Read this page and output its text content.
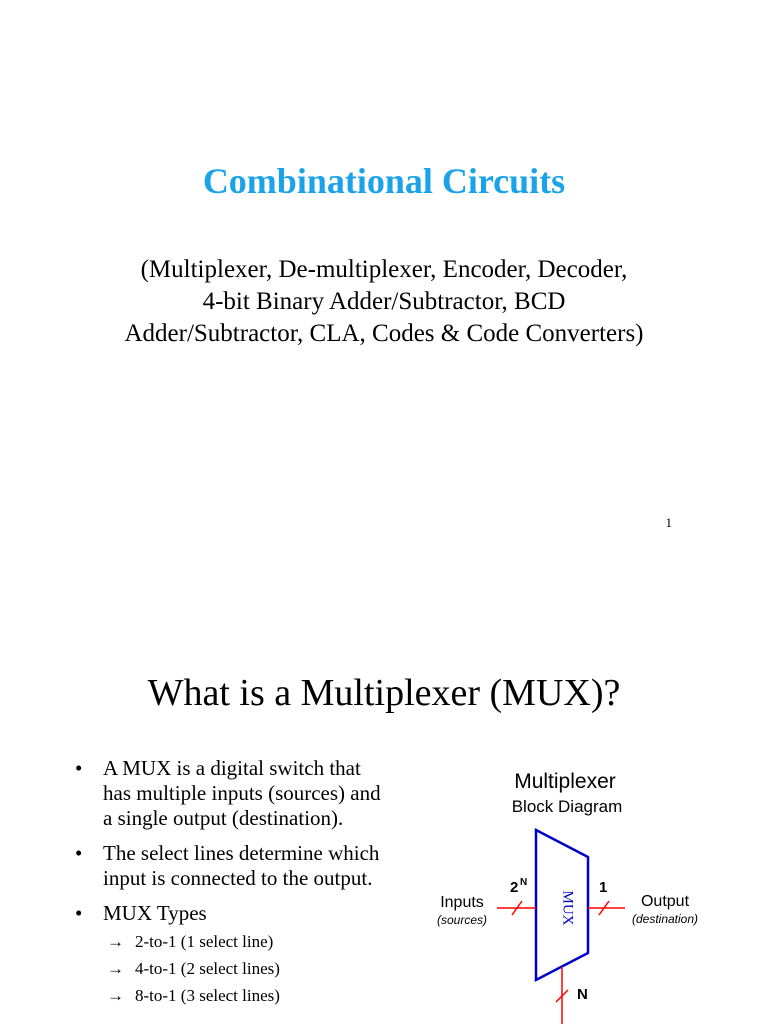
Combinational Circuits
(Multiplexer, De-multiplexer, Encoder, Decoder,
4-bit Binary Adder/Subtractor, BCD
Adder/Subtractor, CLA, Codes & Code Converters)
1
What is a Multiplexer (MUX)?
• A MUX is a digital switch that
has multiple inputs (sources) and
a single output (destination).
• The select lines determine which
input is connected to the output.
• MUX Types
→ 2-to-1 (1 select line)
→ 4-to-1 (2 select lines)
→ 8-to-1 (3 select lines)
Multiplexer
Block Diagram
MUX
Inputs
(sources)
2 N	1
Output
(destination)
N
